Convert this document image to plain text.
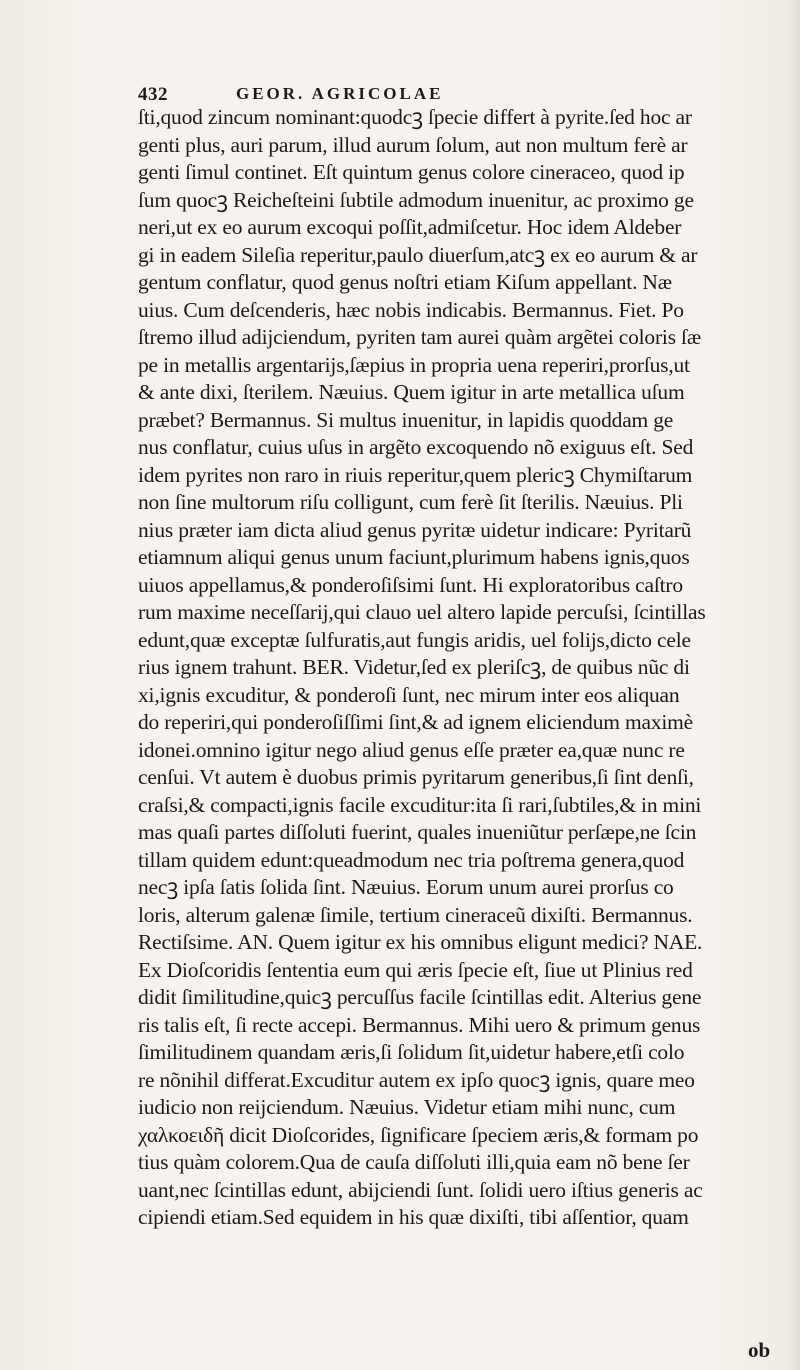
432	GEOR. AGRICOLAE
ſti,quod zincum nominant:quodcꝫ ſpecie differt à pyrite.ſed hoc ar
genti plus, auri parum, illud aurum ſolum, aut non multum ferè ar
genti ſimul continet. Eſt quintum genus colore cineraceo, quod ip
ſum quocꝫ Reicheſteini ſubtile admodum inuenitur, ac proximo ge
neri,ut ex eo aurum excoqui poſſit,admiſcetur. Hoc idem Aldeber
gi in eadem Sileſia reperitur,paulo diuerſum,atcꝫ ex eo aurum & ar
gentum conflatur, quod genus noſtri etiam Kiſum appellant. Næ
uius. Cum deſcenderis, hæc nobis indicabis. Bermannus. Fiet. Po
ſtremo illud adijciendum, pyriten tam aurei quàm argẽtei coloris ſæ
pe in metallis argentarijs,ſæpius in propria uena reperiri,prorſus,ut
& ante dixi, ſterilem. Næuius. Quem igitur in arte metallica uſum
præbet? Bermannus. Si multus inuenitur, in lapidis quoddam ge
nus conflatur, cuius uſus in argẽto excoquendo nõ exiguus eſt. Sed
idem pyrites non raro in riuis reperitur,quem plericꝫ Chymiſtarum
non ſine multorum riſu colligunt, cum ferè ſit ſterilis. Næuius. Pli
nius præter iam dicta aliud genus pyritæ uidetur indicare: Pyritarũ
etiamnum aliqui genus unum faciunt,plurimum habens ignis,quos
uiuos appellamus,& ponderoſiſsimi ſunt. Hi exploratoribus caſtro
rum maxime neceſſarij,qui clauo uel altero lapide percuſsi, ſcintillas
edunt,quæ exceptæ ſulfuratis,aut fungis aridis, uel folijs,dicto cele
rius ignem trahunt. BER. Videtur,ſed ex pleriſcꝫ, de quibus nũc di
xi,ignis excuditur, & ponderoſi ſunt, nec mirum inter eos aliquan
do reperiri,qui ponderoſiſſimi ſint,& ad ignem eliciendum maximè
idonei.omnino igitur nego aliud genus eſſe præter ea,quæ nunc re
cenſui. Vt autem è duobus primis pyritarum generibus,ſi ſint denſi,
craſsi,& compacti,ignis facile excuditur:ita ſi rari,ſubtiles,& in mini
mas quaſi partes diſſoluti fuerint, quales inueniũtur perſæpe,ne ſcin
tillam quidem edunt:queadmodum nec tria poſtrema genera,quod
necꝫ ipſa ſatis ſolida ſint. Næuius. Eorum unum aurei prorſus co
loris, alterum galenæ ſimile, tertium cineraceũ dixiſti. Bermannus.
Rectiſsime. AN. Quem igitur ex his omnibus eligunt medici? NAE.
Ex Dioſcoridis ſententia eum qui æris ſpecie eſt, ſiue ut Plinius red
didit ſimilitudine,quicꝫ percuſſus facile ſcintillas edit. Alterius gene
ris talis eſt, ſi recte accepi. Bermannus. Mihi uero & primum genus
ſimilitudinem quandam æris,ſi ſolidum ſit,uidetur habere,etſi colo
re nõnihil differat.Excuditur autem ex ipſo quocꝫ ignis, quare meo
iudicio non reijciendum. Næuius. Videtur etiam mihi nunc, cum
χαλκοειδῆ dicit Dioſcorides, ſignificare ſpeciem æris,& formam po
tius quàm colorem.Qua de cauſa diſſoluti illi,quia eam nõ bene ſer
uant,nec ſcintillas edunt, abijciendi ſunt. ſolidi uero iſtius generis ac
cipiendi etiam.Sed equidem in his quæ dixiſti, tibi aſſentior, quam
ob
